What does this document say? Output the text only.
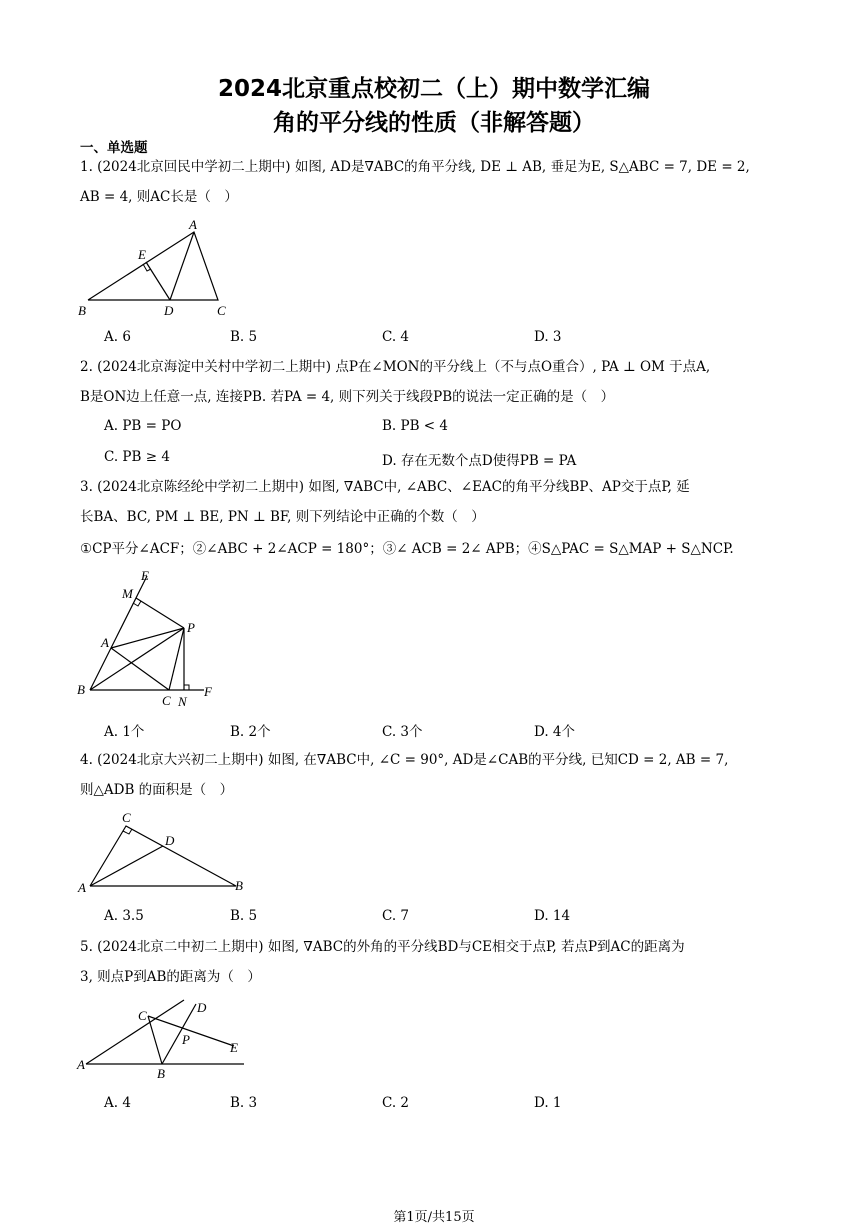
2024北京重点校初二（上）期中数学汇编
角的平分线的性质（非解答题）
一、单选题
1. (2024北京回民中学初二上期中) 如图, AD是∇ABC的角平分线, DE ⊥ AB, 垂足为E, S△ABC = 7, DE = 2,
AB = 4, 则AC长是（　）
A
B	C
D
E
A. 6	B. 5	C. 4	D. 3
2. (2024北京海淀中关村中学初二上期中) 点P在∠MON的平分线上（不与点O重合）, PA ⊥ OM 于点A,
B是ON边上任意一点, 连接PB. 若PA = 4, 则下列关于线段PB的说法一定正确的是（　）
A. PB = PO	B. PB < 4
C. PB ≥ 4	D. 存在无数个点D使得PB = PA
3. (2024北京陈经纶中学初二上期中) 如图, ∇ABC中, ∠ABC、∠EAC的角平分线BP、AP交于点P, 延
长BA、BC, PM ⊥ BE, PN ⊥ BF, 则下列结论中正确的个数（　）
①CP平分∠ACF；②∠ABC + 2∠ACP = 180°；③∠ ACB = 2∠ APB；④S△PAC = S△MAP + S△NCP.
E
M
A
P
B
C N
F
A. 1个	B. 2个	C. 3个	D. 4个
4. (2024北京大兴初二上期中) 如图, 在∇ABC中, ∠C = 90°, AD是∠CAB的平分线, 已知CD = 2, AB = 7,
则△ADB 的面积是（　）
C
D
A	B
A. 3.5	B. 5	C. 7	D. 14
5. (2024北京二中初二上期中) 如图, ∇ABC的外角的平分线BD与CE相交于点P, 若点P到AC的距离为
3, 则点P到AB的距离为（　）
C
D
P
E
A
B
A. 4	B. 3	C. 2	D. 1
第1页/共15页
